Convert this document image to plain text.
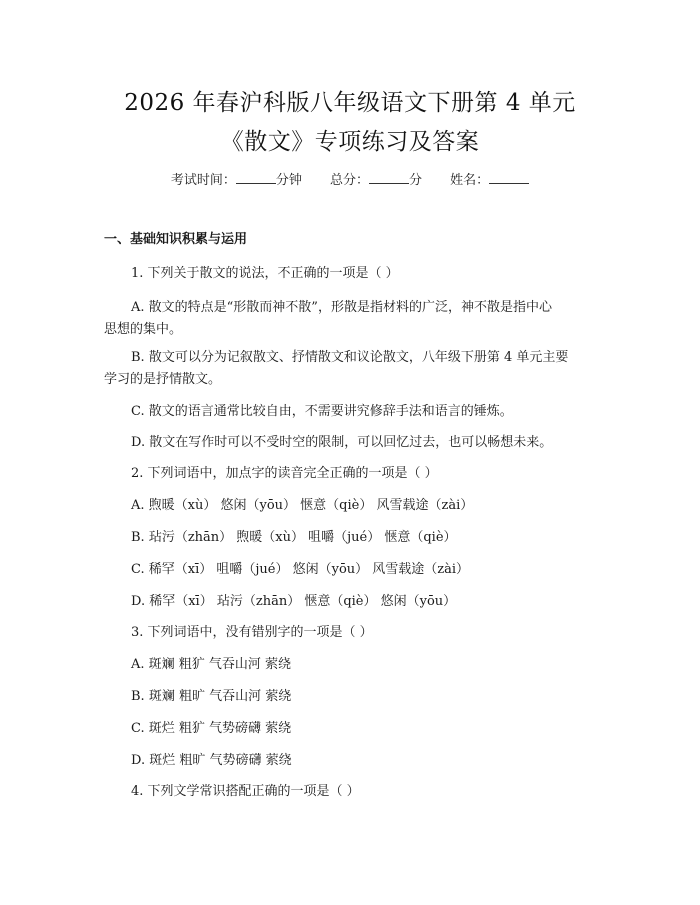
2026 年春沪科版八年级语文下册第 4 单元
《散文》专项练习及答案
考试时间：	分钟 总分：	分 姓名：
一、基础知识积累与运用
1. 下列关于散文的说法，不正确的一项是（ ）
A. 散文的特点是“形散而神不散”，形散是指材料的广泛，神不散是指中心
思想的集中。
B. 散文可以分为记叙散文、抒情散文和议论散文，八年级下册第 4 单元主要
学习的是抒情散文。
C. 散文的语言通常比较自由，不需要讲究修辞手法和语言的锤炼。
D. 散文在写作时可以不受时空的限制，可以回忆过去，也可以畅想未来。
2. 下列词语中，加点字的读音完全正确的一项是（ ）
A. 煦暖（xù） 悠闲（yōu） 惬意（qiè） 风雪载途（zài）
B. 玷污（zhān） 煦暖（xù） 咀嚼（jué） 惬意（qiè）
C. 稀罕（xī） 咀嚼（jué） 悠闲（yōu） 风雪载途（zài）
D. 稀罕（xī） 玷污（zhān） 惬意（qiè） 悠闲（yōu）
3. 下列词语中，没有错别字的一项是（ ）
A. 斑斓 粗犷 气吞山河 萦绕
B. 斑斓 粗旷 气吞山河 萦绕
C. 斑烂 粗犷 气势磅礴 萦绕
D. 斑烂 粗旷 气势磅礴 萦绕
4. 下列文学常识搭配正确的一项是（ ）
